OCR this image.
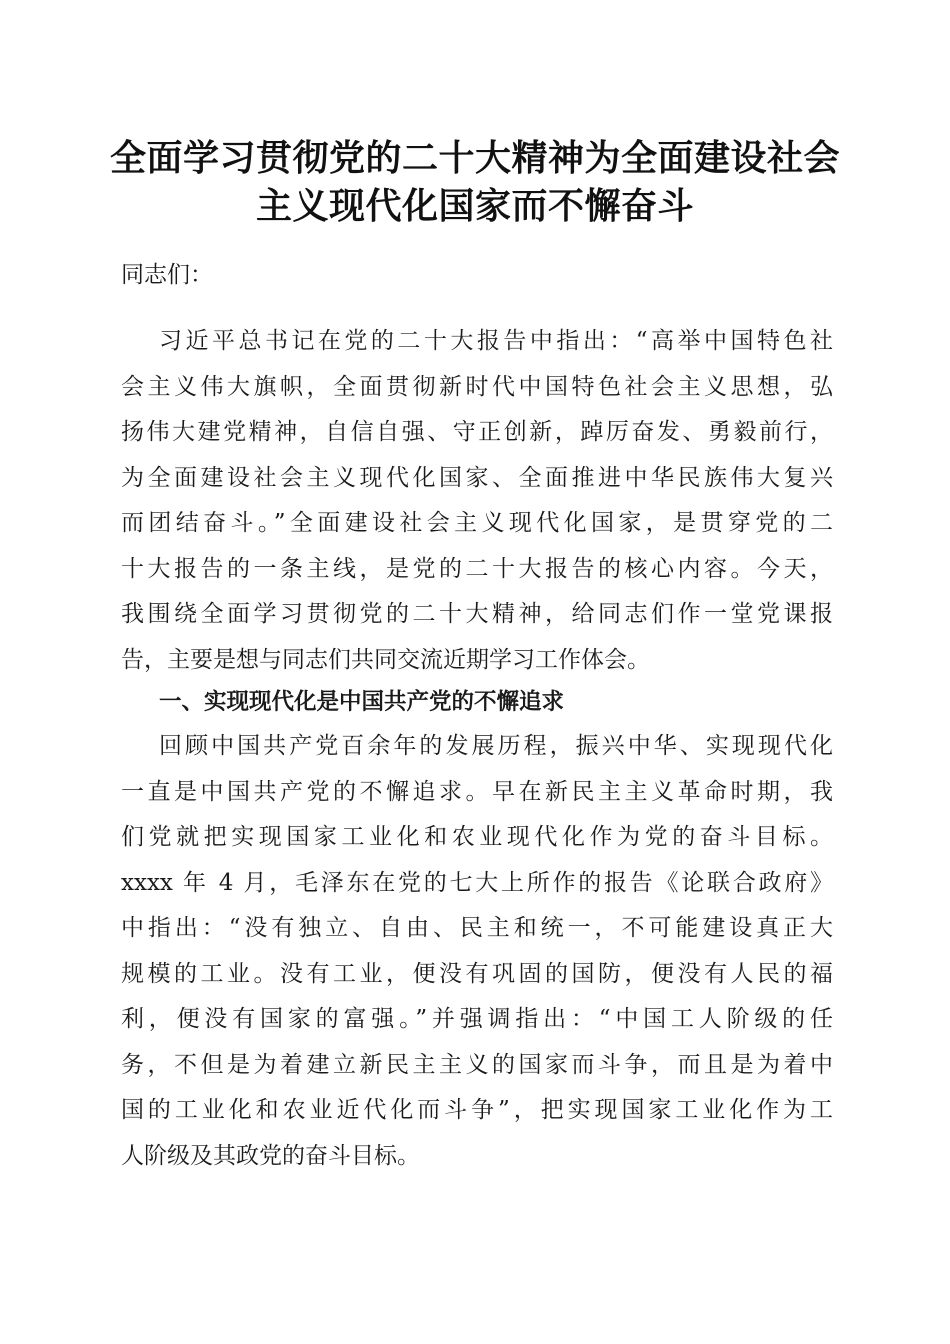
全面学习贯彻党的二十大精神为全面建设社会
主义现代化国家而不懈奋斗
同志们：
习近平总书记在党的二十大报告中指出：“高举中国特色社
会主义伟大旗帜，全面贯彻新时代中国特色社会主义思想，弘
扬伟大建党精神，自信自强、守正创新，踔厉奋发、勇毅前行，
为全面建设社会主义现代化国家、全面推进中华民族伟大复兴
而团结奋斗。”全面建设社会主义现代化国家，是贯穿党的二
十大报告的一条主线，是党的二十大报告的核心内容。今天，
我围绕全面学习贯彻党的二十大精神，给同志们作一堂党课报
告，主要是想与同志们共同交流近期学习工作体会。
一、实现现代化是中国共产党的不懈追求
回顾中国共产党百余年的发展历程，振兴中华、实现现代化
一直是中国共产党的不懈追求。早在新民主主义革命时期，我
们党就把实现国家工业化和农业现代化作为党的奋斗目标。
xxxx 年 4 月，毛泽东在党的七大上所作的报告《论联合政府》
中指出：“没有独立、自由、民主和统一，不可能建设真正大
规模的工业。没有工业，便没有巩固的国防，便没有人民的福
利，便没有国家的富强。”并强调指出：“中国工人阶级的任
务，不但是为着建立新民主主义的国家而斗争，而且是为着中
国的工业化和农业近代化而斗争”，把实现国家工业化作为工
人阶级及其政党的奋斗目标。
